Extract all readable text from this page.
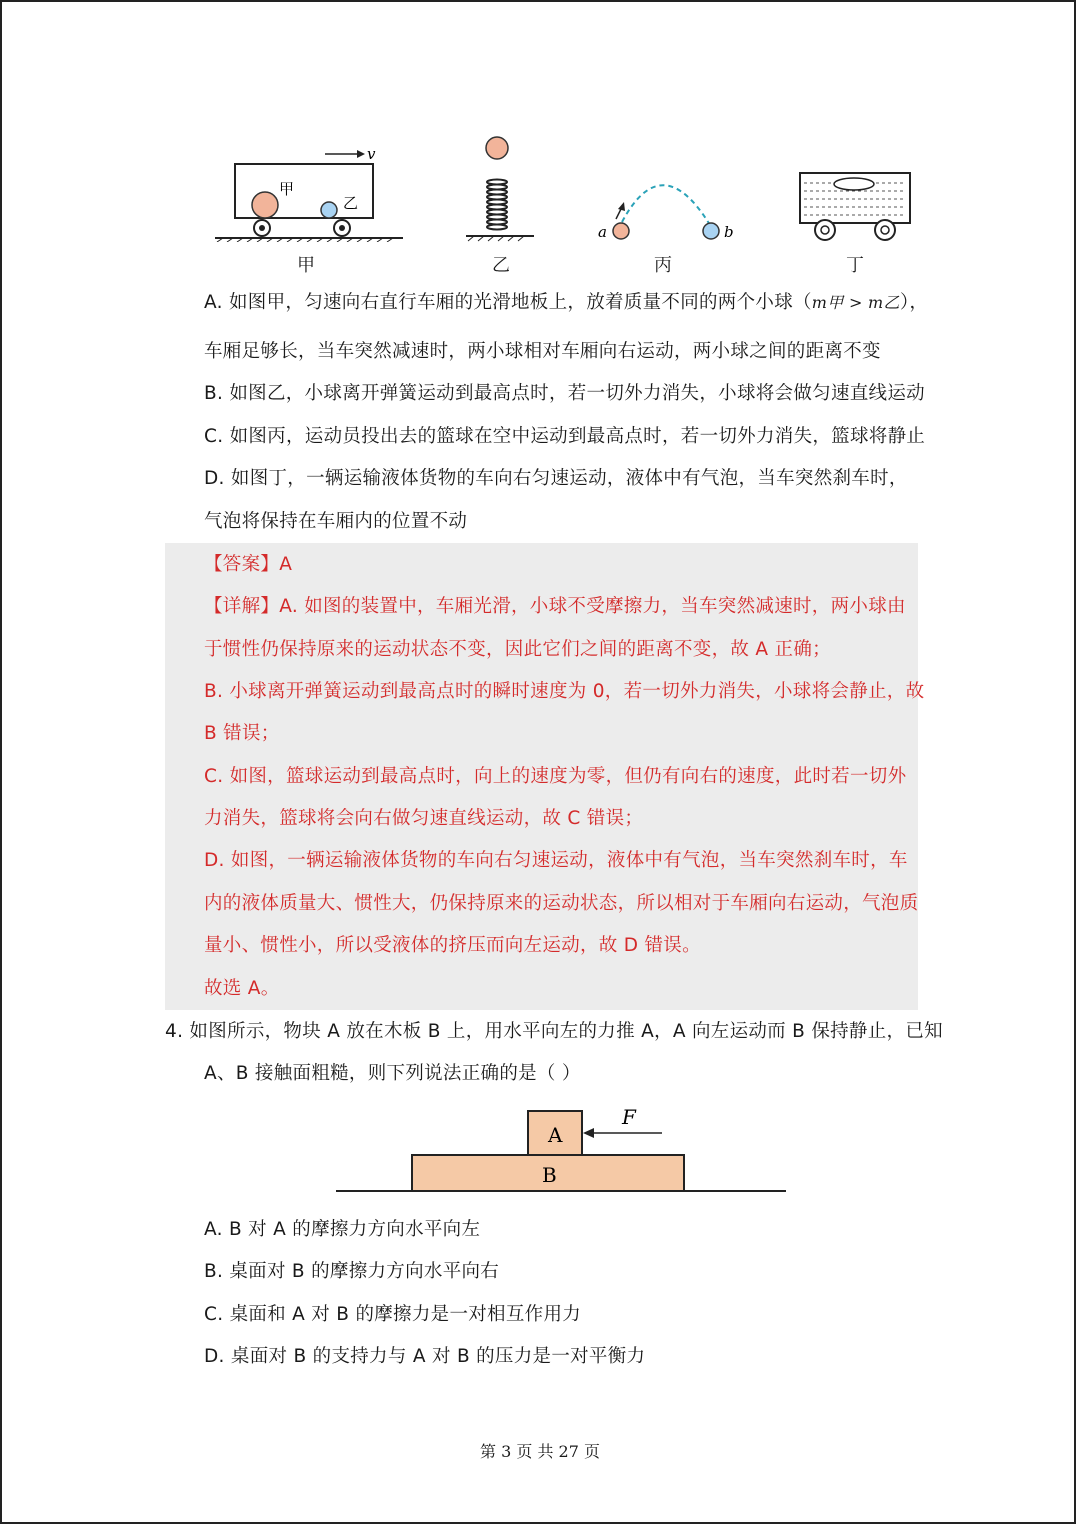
甲
乙
v
甲	乙
a	b
丙	丁
A. 如图甲，匀速向右直行车厢的光滑地板上，放着质量不同的两个小球（m甲 > m乙），
车厢足够长，当车突然减速时，两小球相对车厢向右运动，两小球之间的距离不变
B. 如图乙，小球离开弹簧运动到最高点时，若一切外力消失，小球将会做匀速直线运动
C. 如图丙，运动员投出去的篮球在空中运动到最高点时，若一切外力消失，篮球将静止
D. 如图丁，一辆运输液体货物的车向右匀速运动，液体中有气泡，当车突然刹车时，
气泡将保持在车厢内的位置不动
【答案】A
【详解】A. 如图的装置中，车厢光滑，小球不受摩擦力，当车突然减速时，两小球由
于惯性仍保持原来的运动状态不变，因此它们之间的距离不变，故 A 正确；
B. 小球离开弹簧运动到最高点时的瞬时速度为 0，若一切外力消失，小球将会静止，故
B 错误；
C. 如图，篮球运动到最高点时，向上的速度为零，但仍有向右的速度，此时若一切外
力消失，篮球将会向右做匀速直线运动，故 C 错误；
D. 如图，一辆运输液体货物的车向右匀速运动，液体中有气泡，当车突然刹车时，车
内的液体质量大、惯性大，仍保持原来的运动状态，所以相对于车厢向右运动，气泡质
量小、惯性小，所以受液体的挤压而向左运动，故 D 错误。
故选 A。
4. 如图所示，物块 A 放在木板 B 上，用水平向左的力推 A，A 向左运动而 B 保持静止，已知
A、B 接触面粗糙，则下列说法正确的是（ ）
A
B
F
A. B 对 A 的摩擦力方向水平向左
B. 桌面对 B 的摩擦力方向水平向右
C. 桌面和 A 对 B 的摩擦力是一对相互作用力
D. 桌面对 B 的支持力与 A 对 B 的压力是一对平衡力
第 3 页 共 27 页
